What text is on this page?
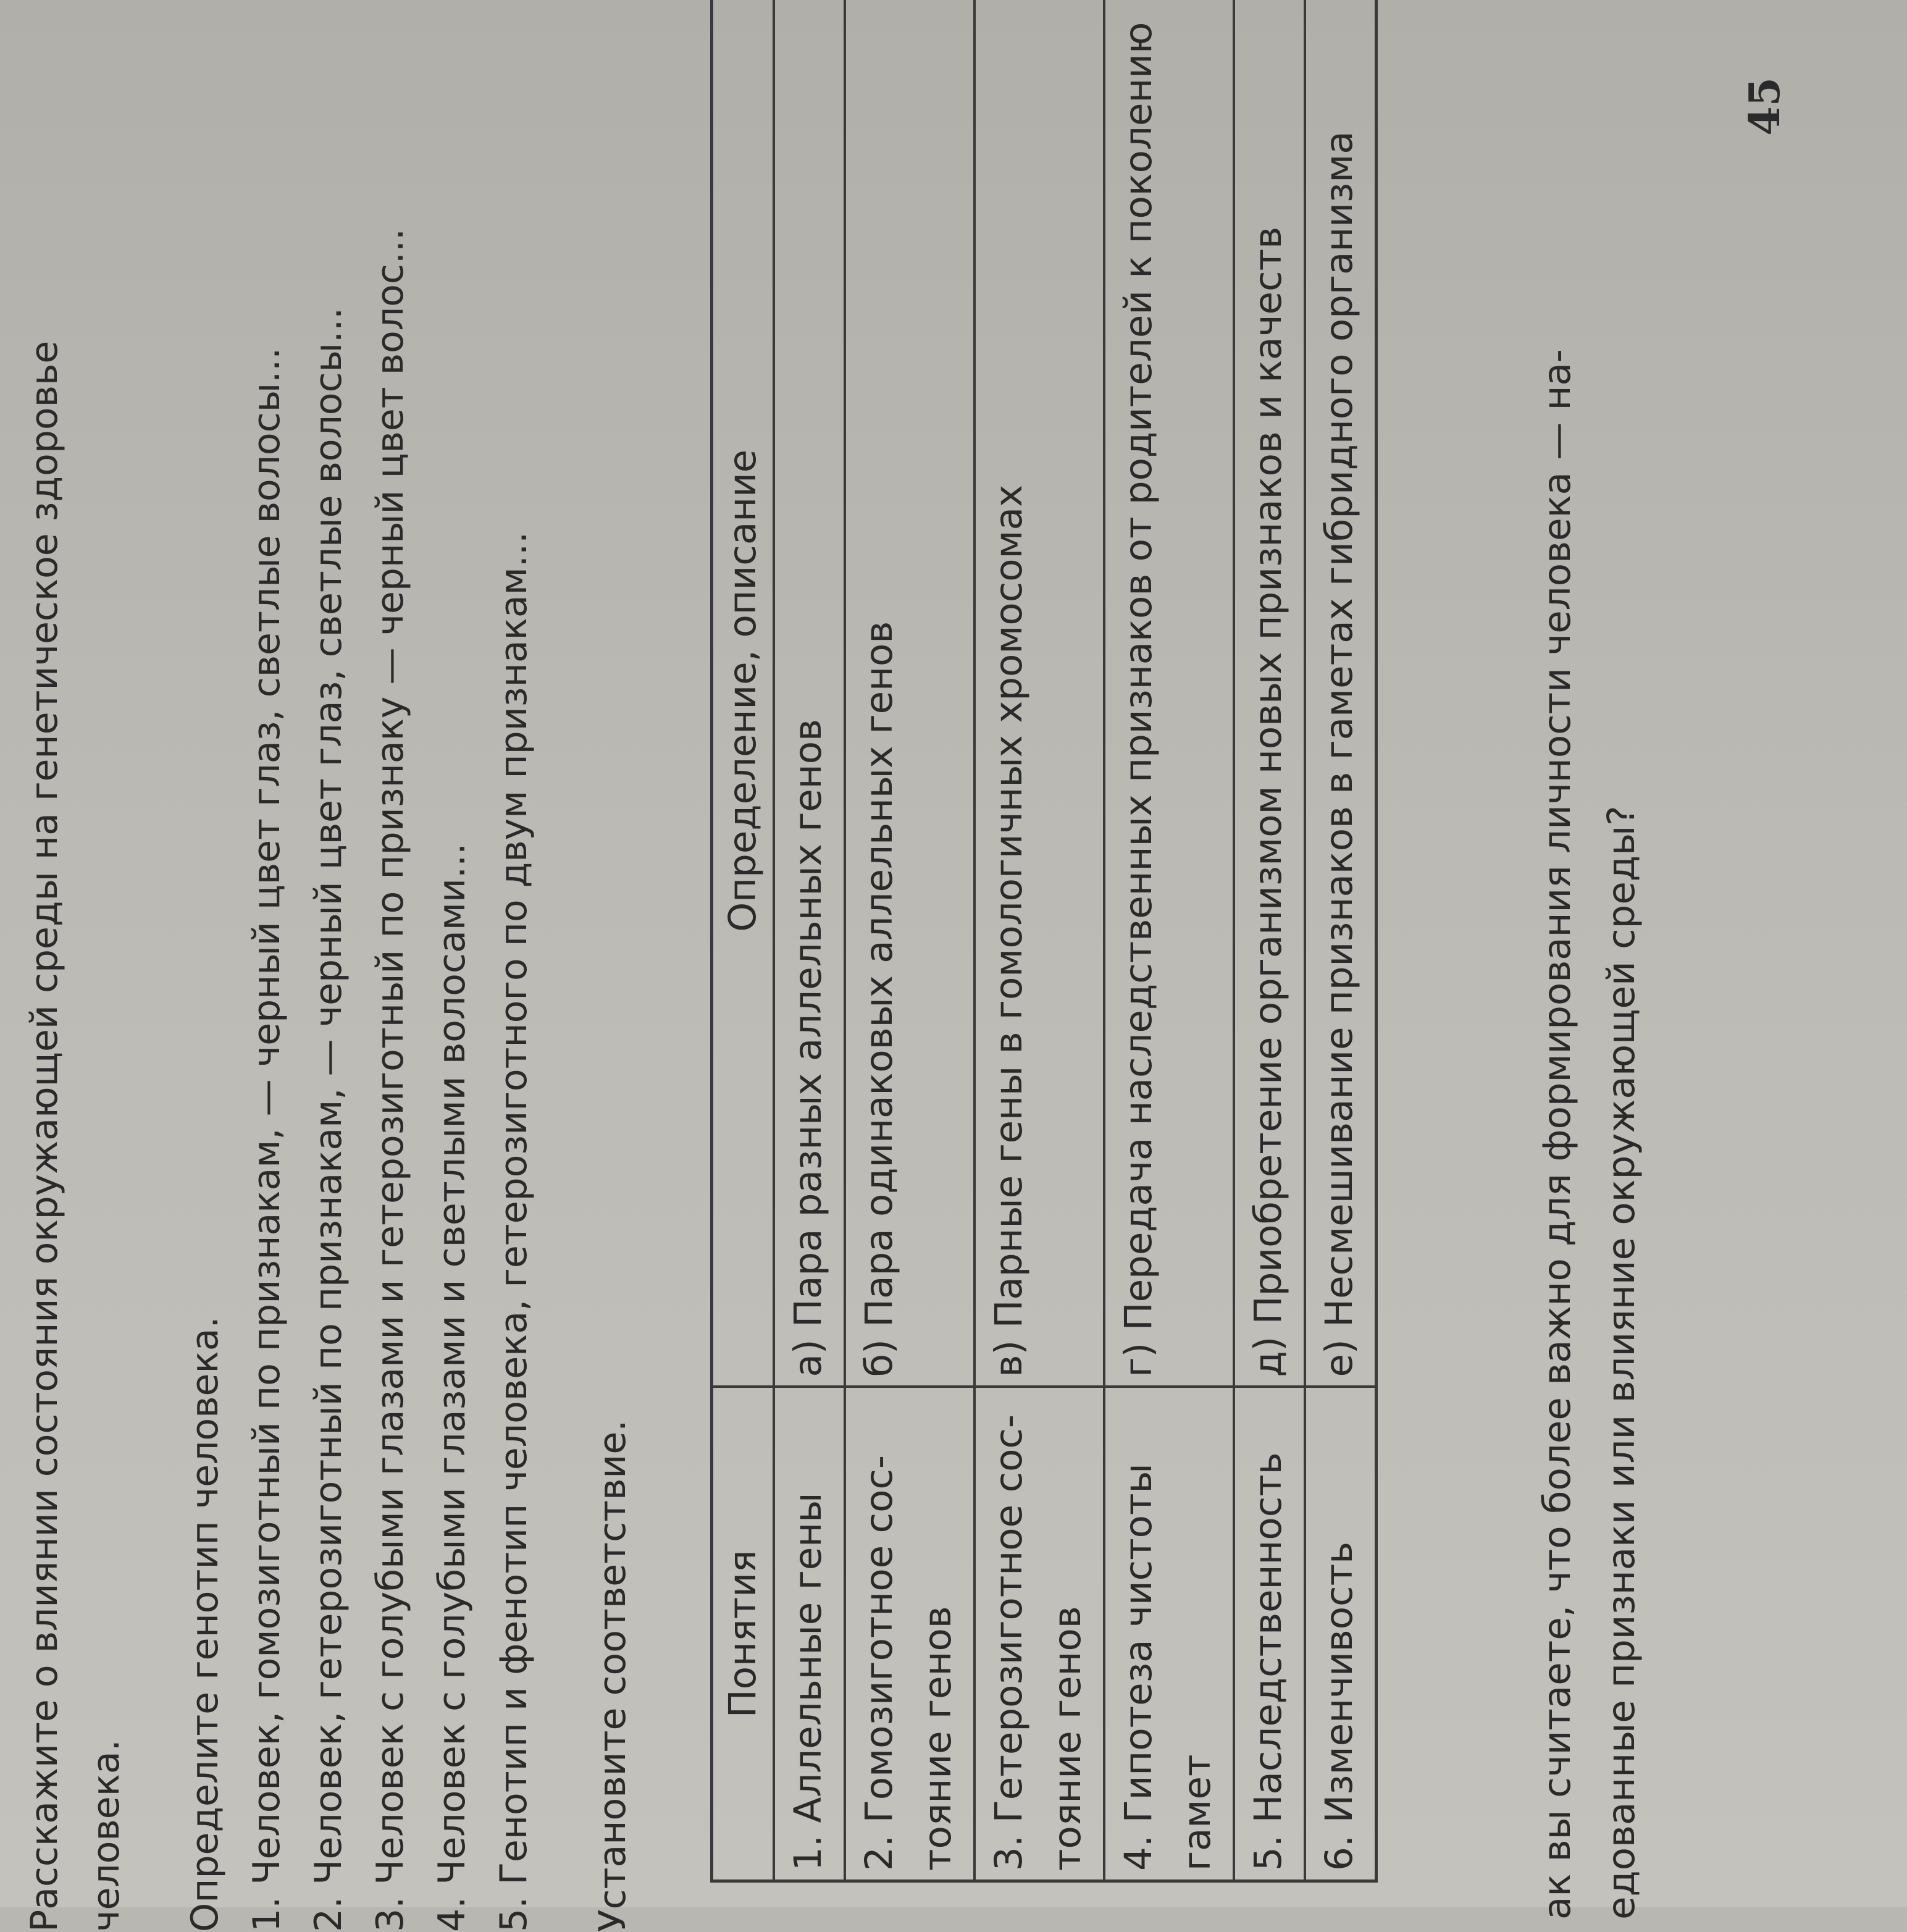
Расскажите о влиянии состояния окружающей среды на генетическое здоровье человека. Определите генотип человека. 1. Человек, гомозиготный по признакам, — черный цвет глаз, светлые волосы...
2. Человек, гетерозиготный по признакам, — черный цвет глаз, светлые волосы...
3. Человек с голубыми глазами и гетерозиготный по признаку — черный цвет волос...
4. Человек с голубыми глазами и светлыми волосами...
5. Генотип и фенотип человека, гетерозиготного по двум признакам... Установите соответствие. Понятия	Определение, описание
1. Аллельные гены	а) Пара разных аллельных генов
2. Гомозиготное сос-тояние генов	б) Пара одинаковых аллельных генов
3. Гетерозиготное сос-тояние генов	в) Парные гены в гомологичных хромосомах
4. Гипотеза чистоты гамет	г) Передача наследственных признаков от родителей к поколению
5. Наследственность	д) Приобретение организмом новых признаков и качеств
6. Изменчивость	е) Несмешивание признаков в гаметах гибридного организма	ак вы считаете, что более важно для формирования личности человека — на- едованные признаки или влияние окружающей среды?
45
